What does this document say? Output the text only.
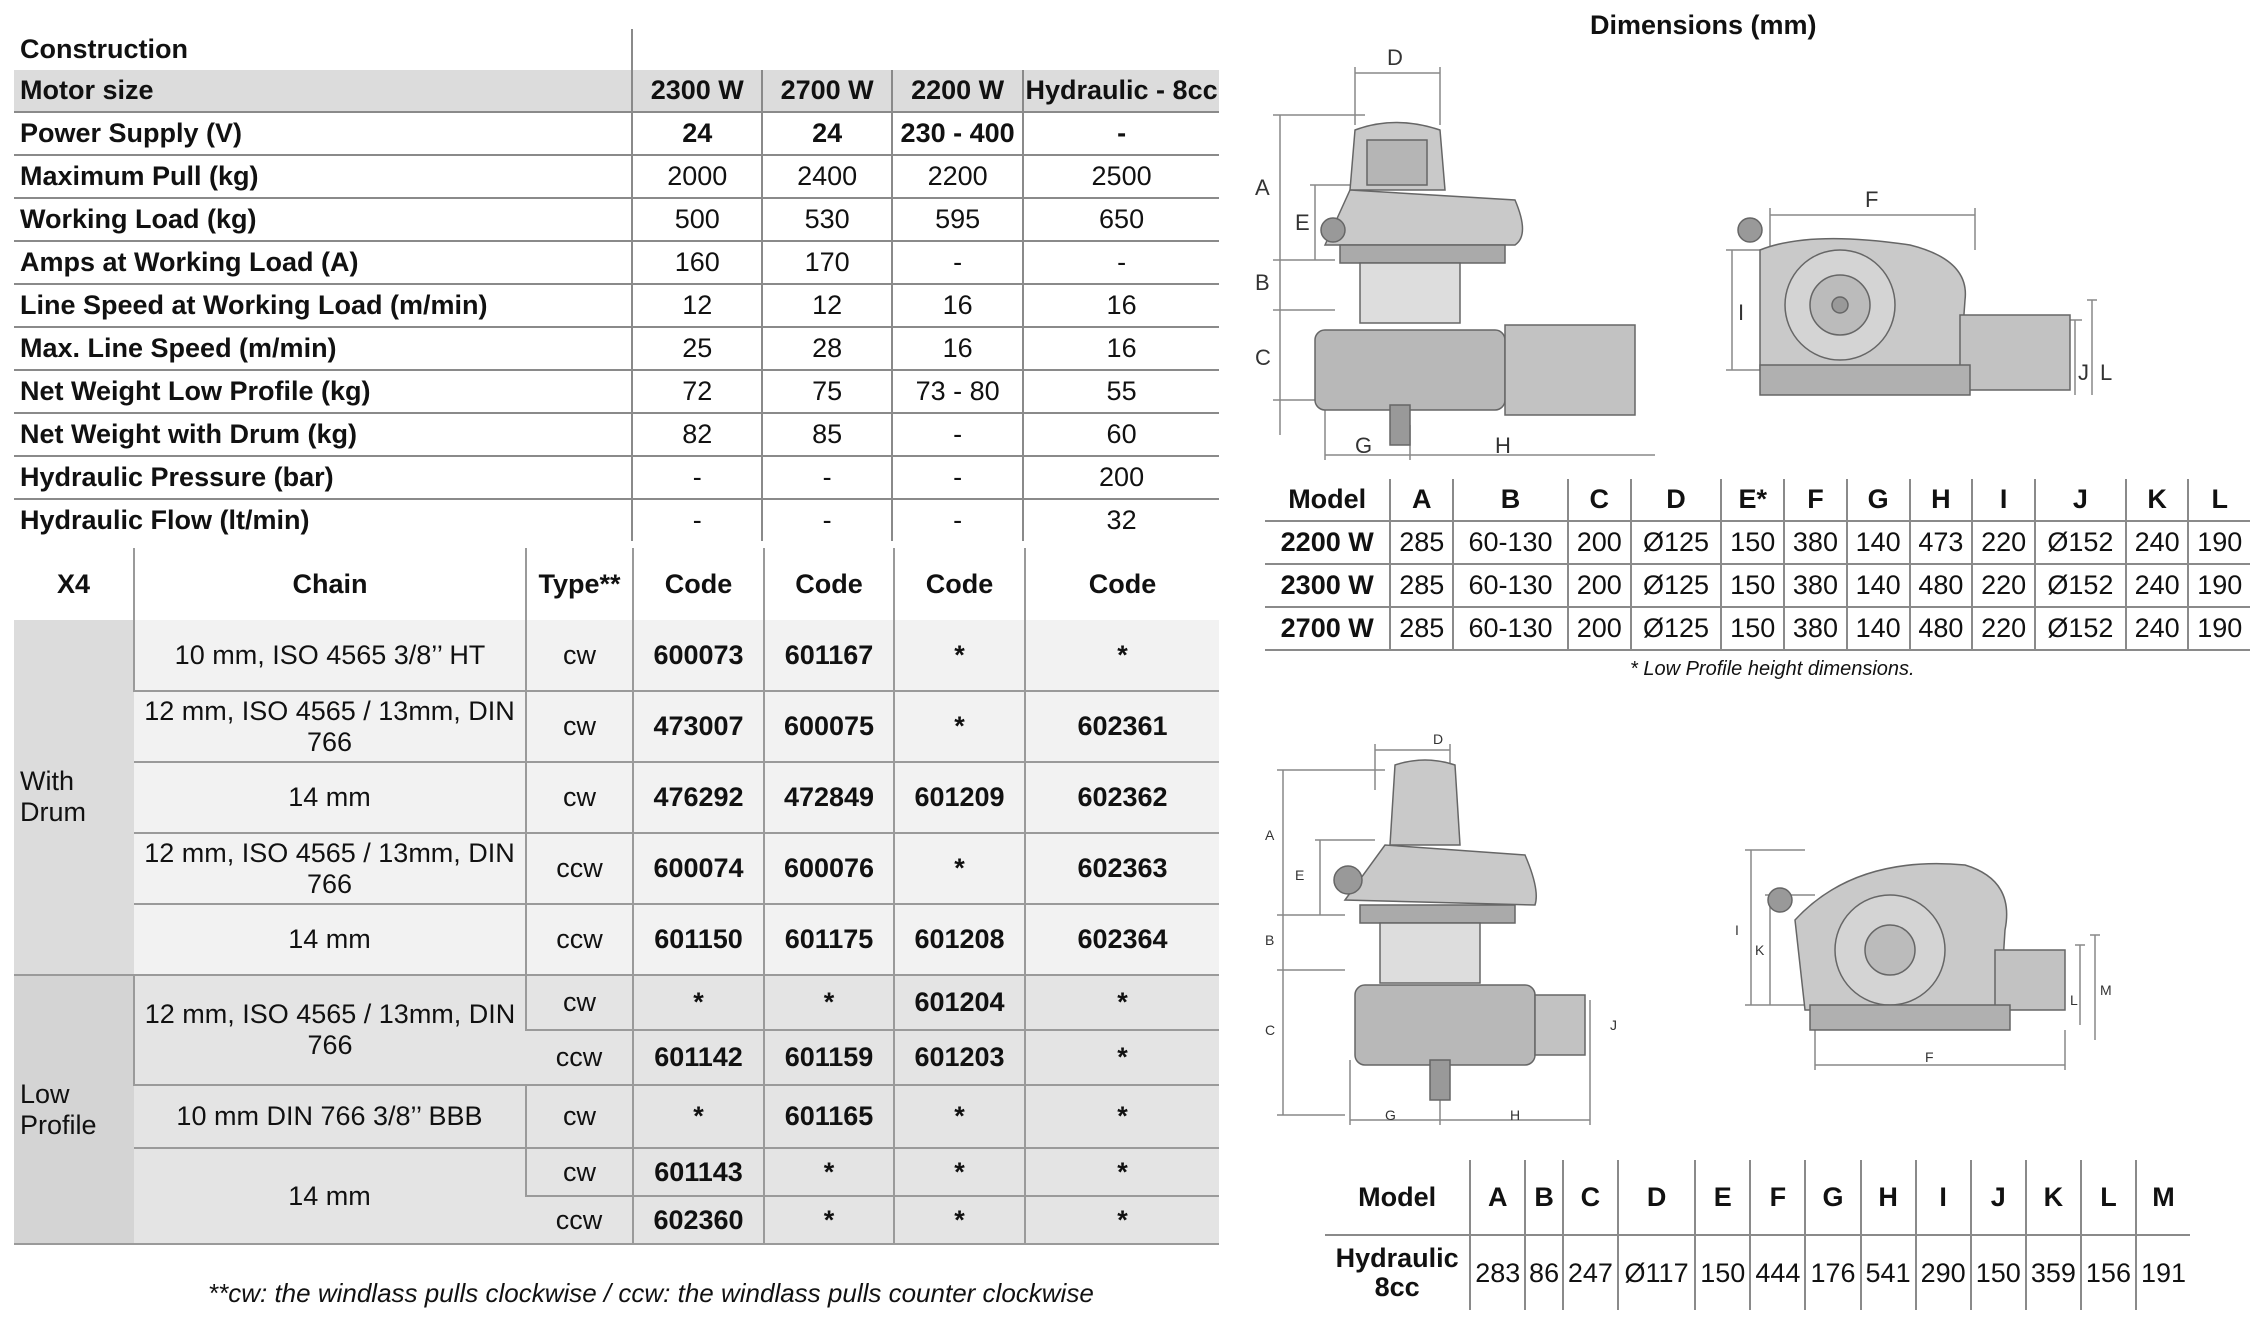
Construction				
Motor size	2300 W	2700 W	2200 W	Hydraulic - 8cc
Power Supply (V)	24	24	230 - 400	-
Maximum Pull (kg)	2000	2400	2200	2500
Working Load (kg)	500	530	595	650
Amps at Working Load (A)	160	170	-	-
Line Speed at Working Load (m/min)	12	12	16	16
Max. Line Speed (m/min)	25	28	16	16
Net Weight Low Profile (kg)	72	75	73 - 80	55
Net Weight with Drum (kg)	82	85	-	60
Hydraulic Pressure (bar)	-	-	-	200
Hydraulic Flow (lt/min)	-	-	-	32
X4	Chain	Type**	Code	Code	Code	Code
With
Drum	10 mm, ISO 4565 3/8’’ HT	cw	600073	601167	*	*
	12 mm, ISO 4565 / 13mm, DIN 766	cw	473007	600075	*	602361
	14 mm	cw	476292	472849	601209	602362
	12 mm, ISO 4565 / 13mm, DIN 766	ccw	600074	600076	*	602363
	14 mm	ccw	601150	601175	601208	602364
Low
Profile	12 mm, ISO 4565 / 13mm, DIN 766	cw	*	*	601204	*
		ccw	601142	601159	601203	*
	10 mm DIN 766 3/8’’ BBB	cw	*	601165	*	*
	14 mm	cw	601143	*	*	*
		ccw	602360	*	*	*
**cw: the windlass pulls clockwise / ccw: the windlass pulls counter clockwise
Dimensions (mm)
D
A
E
B
C
G	H
F
I
J L
Model	A	B	C	D	E*	F	G	H	I	J	K	L
2200 W	285	60-130	200	Ø125	150	380	140	473	220	Ø152	240	190
2300 W	285	60-130	200	Ø125	150	380	140	480	220	Ø152	240	190
2700 W	285	60-130	200	Ø125	150	380	140	480	220	Ø152	240	190
* Low Profile height dimensions.
D
A
E
B
C	J
G	H
I
K
L
M
F
Model	A	B	C	D	E	F	G	H	I	J	K	L	M
Hydraulic
8cc	283	86	247	Ø117	150	444	176	541	290	150	359	156	191
